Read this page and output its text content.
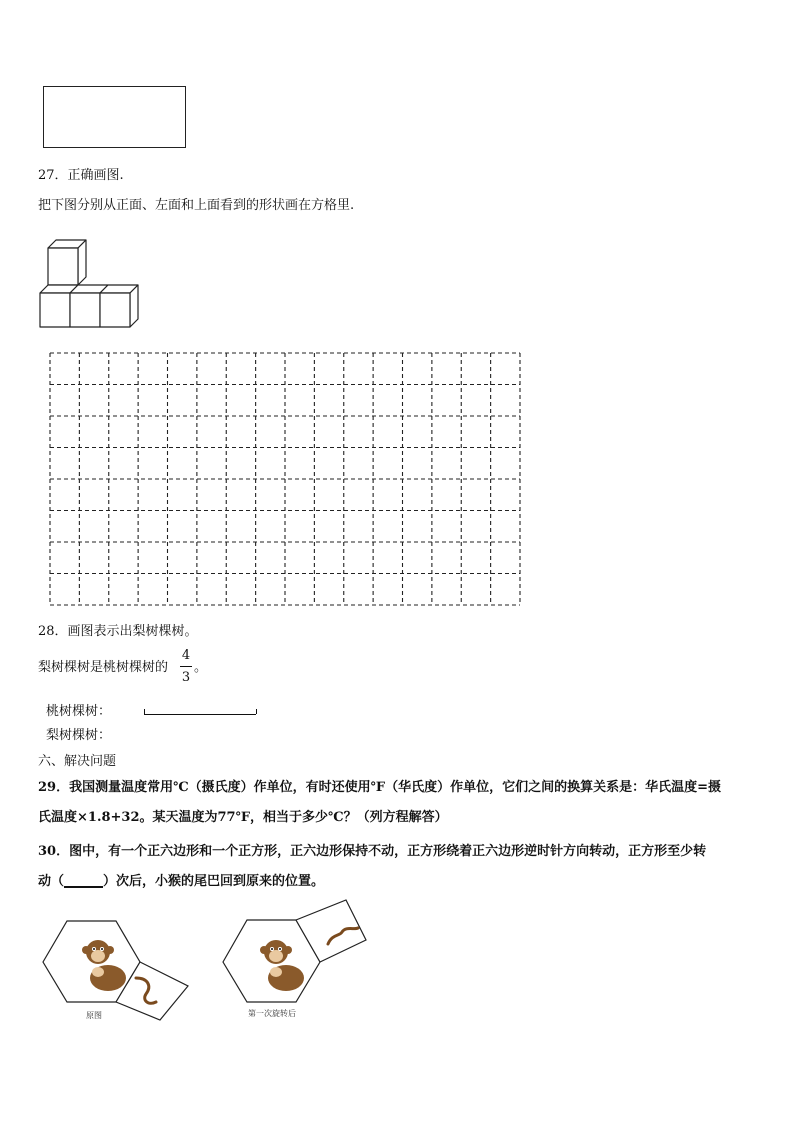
27．正确画图.
把下图分别从正面、左面和上面看到的形状画在方格里.
28．画图表示出梨树棵树。
梨树棵树是桃树棵树的
4
3
。
桃树棵树：
梨树棵树：
六、解决问题
29．我国测量温度常用℃（摄氏度）作单位，有时还使用℉（华氏度）作单位，它们之间的换算关系是：华氏温度=摄
氏温度×1.8+32。某天温度为77℉，相当于多少℃？（列方程解答）
30．图中，有一个正六边形和一个正方形，正六边形保持不动，正方形绕着正六边形逆时针方向转动，正方形至少转
动（______）次后，小猴的尾巴回到原来的位置。
原图	第一次旋转后
